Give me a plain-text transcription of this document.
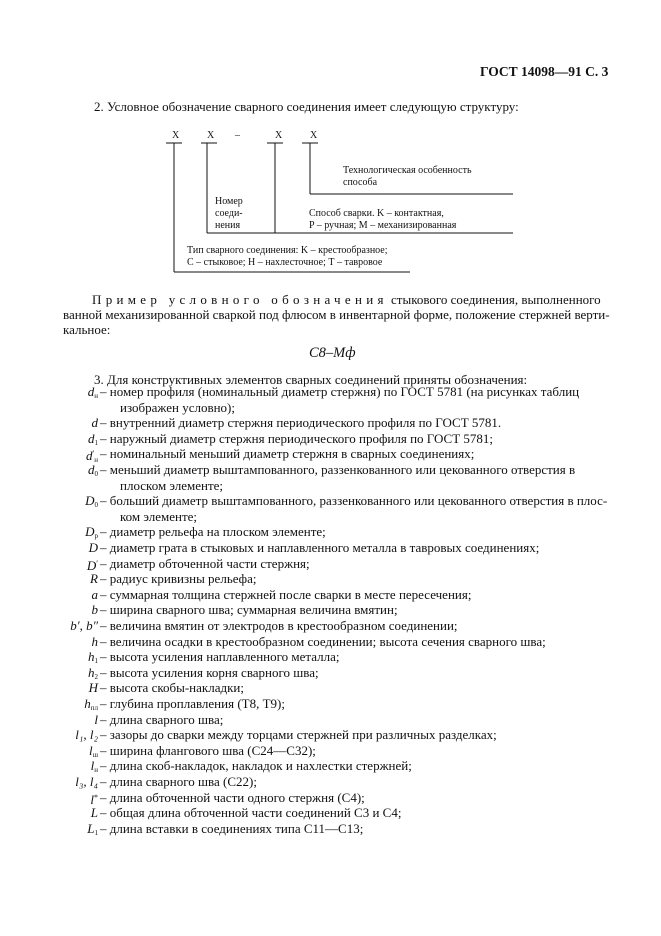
ГОСТ 14098—91 С. 3
2. Условное обозначение сварного соединения имеет следующую структуру:
X	X –	X	X
Технологическая особенность
способа
Номер
соеди-
нения
Способ сварки. K – контактная,
P – ручная; M – механизированная
Тип сварного соединения: K – крестообразное;
С – стыковое; Н – нахлесточное; Т – тавровое
Пример условного обозначения стыкового соединения, выполненного
ванной механизированной сваркой под флюсом в инвентарной форме, положение стержней верти-
кальное:
C8–Mф
3. Для конструктивных элементов сварных соединений приняты обозначения:
$d_н$ – номер профиля (номинальный диаметр стержня) по ГОСТ 5781 (на рисунках таблиц
изображен условно);
d – внутренний диаметр стержня периодического профиля по ГОСТ 5781.
$d_1$ – наружный диаметр стержня периодического профиля по ГОСТ 5781;
$d'_н$ – номинальный меньший диаметр стержня в сварных соединениях;
$d_0$ – меньший диаметр выштампованного, раззенкованного или цекованного отверстия в
плоском элементе;
$D_0$ – больший диаметр выштампованного, раззенкованного или цекованного отверстия в плос-
ком элементе;
$D_p$ – диаметр рельефа на плоском элементе;
D – диаметр грата в стыковых и наплавленного металла в тавровых соединениях;
D′ – диаметр обточенной части стержня;
R – радиус кривизны рельефа;
a – суммарная толщина стержней после сварки в месте пересечения;
b – ширина сварного шва; суммарная величина вмятин;
b′, b″ – величина вмятин от электродов в крестообразном соединении;
h – величина осадки в крестообразном соединении; высота сечения сварного шва;
$h_1$ – высота усиления наплавленного металла;
$h_2$ – высота усиления корня сварного шва;
H – высота скобы-накладки;
$h_{пл}$ – глубина проплавления (Т8, Т9);
l – длина сварного шва;
l₁, l₂ – зазоры до сварки между торцами стержней при различных разделках;
$l_ш$ – ширина флангового шва (С24—С32);
$l_н$ – длина скоб-накладок, накладок и нахлестки стержней;
l₃, l₄ – длина сварного шва (С22);
l* – длина обточенной части одного стержня (С4);
L – общая длина обточенной части соединений С3 и С4;
$L_1$ – длина вставки в соединениях типа С11—С13;
